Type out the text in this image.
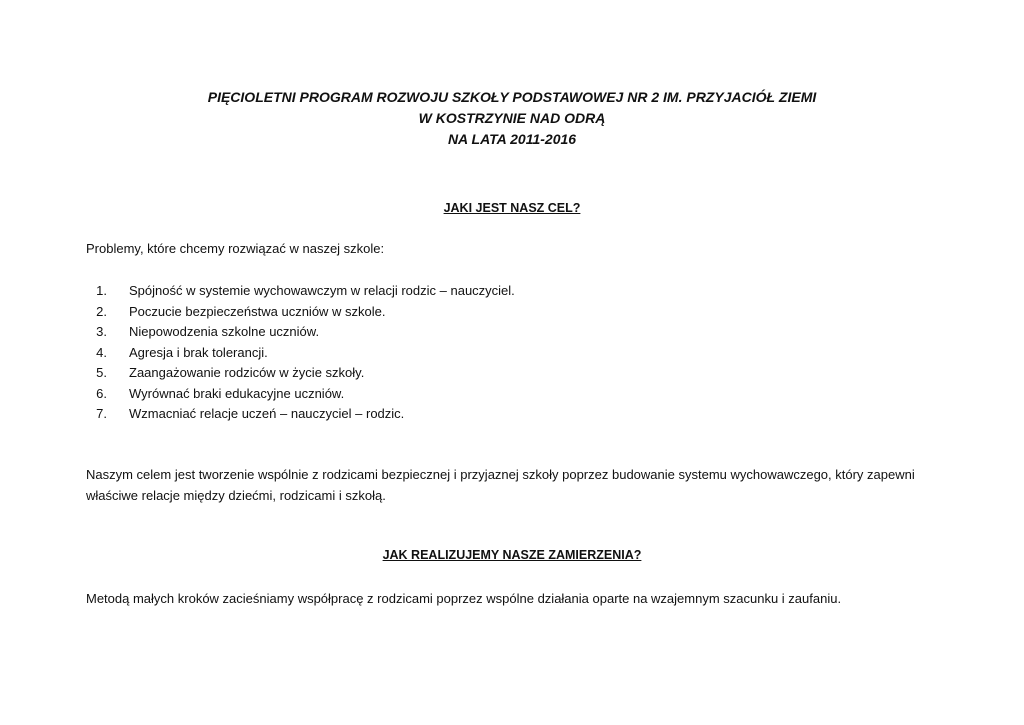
PIĘCIOLETNI PROGRAM ROZWOJU SZKOŁY PODSTAWOWEJ NR 2 IM. PRZYJACIÓŁ ZIEMI
W KOSTRZYNIE NAD ODRĄ
NA LATA 2011-2016
JAKI JEST NASZ CEL?
Problemy, które chcemy rozwiązać w naszej szkole:
1. Spójność w systemie wychowawczym w relacji rodzic – nauczyciel.
2. Poczucie bezpieczeństwa uczniów w szkole.
3. Niepowodzenia szkolne uczniów.
4. Agresja i brak tolerancji.
5. Zaangażowanie rodziców w życie szkoły.
6. Wyrównać braki edukacyjne uczniów.
7. Wzmacniać relacje uczeń – nauczyciel – rodzic.
Naszym celem jest tworzenie wspólnie z rodzicami bezpiecznej i przyjaznej szkoły poprzez budowanie systemu wychowawczego, który zapewni
właściwe relacje między dziećmi, rodzicami i szkołą.
JAK REALIZUJEMY NASZE ZAMIERZENIA?
Metodą małych kroków zacieśniamy współpracę z rodzicami poprzez wspólne działania oparte na wzajemnym szacunku i zaufaniu.
